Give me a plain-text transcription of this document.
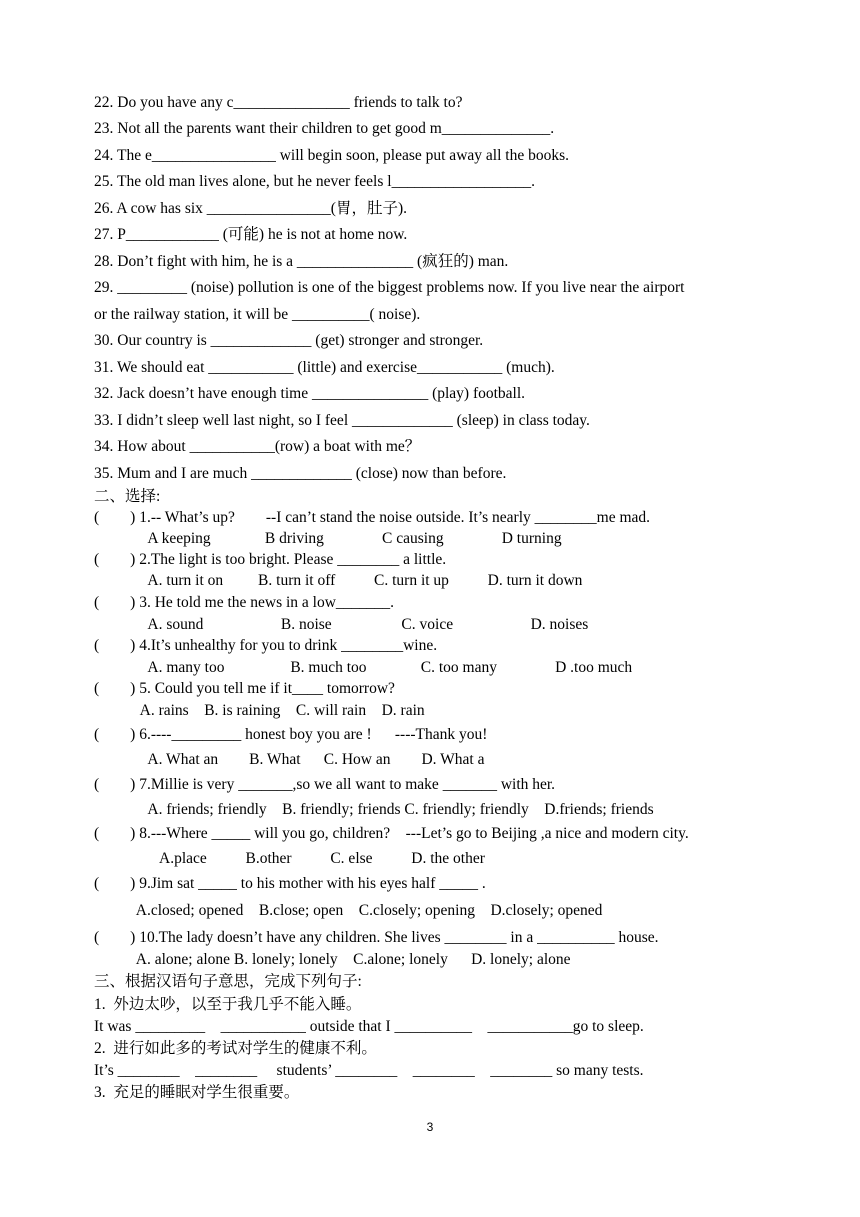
22. Do you have any c_______________ friends to talk to?
23. Not all the parents want their children to get good m______________.
24. The e________________ will begin soon, please put away all the books.
25. The old man lives alone, but he never feels l__________________.
26. A cow has six ________________(胃，肚子).
27. P____________ (可能) he is not at home now.
28. Don’t fight with him, he is a _______________ (疯狂的) man.
29. _________ (noise) pollution is one of the biggest problems now. If you live near the airport
or the railway station, it will be __________( noise).
30. Our country is _____________ (get) stronger and stronger.
31. We should eat ___________ (little) and exercise___________ (much).
32. Jack doesn’t have enough time _______________ (play) football.
33. I didn’t sleep well last night, so I feel _____________ (sleep) in class today.
34. How about ___________(row) a boat with me？
35. Mum and I are much _____________ (close) now than before.
二、选择:
(        ) 1.-- What’s up?        --I can’t stand the noise outside. It’s nearly ________me mad.
A keeping              B driving               C causing               D turning
(        ) 2.The light is too bright. Please ________ a little.
A. turn it on         B. turn it off          C. turn it up          D. turn it down
(        ) 3. He told me the news in a low_______.
A. sound                    B. noise                  C. voice                    D. noises
(        ) 4.It’s unhealthy for you to drink ________wine.
A. many too                 B. much too              C. too many               D .too much
(        ) 5. Could you tell me if it____ tomorrow?
A. rains    B. is raining    C. will rain    D. rain
(        ) 6.----_________ honest boy you are !      ----Thank you!
A. What an        B. What      C. How an        D. What a
(        ) 7.Millie is very _______,so we all want to make _______ with her.
A. friends; friendly    B. friendly; friends C. friendly; friendly    D.friends; friends
(        ) 8.---Where _____ will you go, children?    ---Let’s go to Beijing ,a nice and modern city.
A.place          B.other          C. else          D. the other
(        ) 9.Jim sat _____ to his mother with his eyes half _____ .
A.closed; opened    B.close; open    C.closely; opening    D.closely; opened
(        ) 10.The lady doesn’t have any children. She lives ________ in a __________ house.
A. alone; alone B. lonely; lonely    C.alone; lonely      D. lonely; alone
三、根据汉语句子意思，完成下列句子:
1.  外边太吵，以至于我几乎不能入睡。
It was _________    ___________ outside that I __________    ___________go to sleep.
2.  进行如此多的考试对学生的健康不利。
It’s ________    ________     students’ ________    ________    ________ so many tests.
3.  充足的睡眠对学生很重要。
3
